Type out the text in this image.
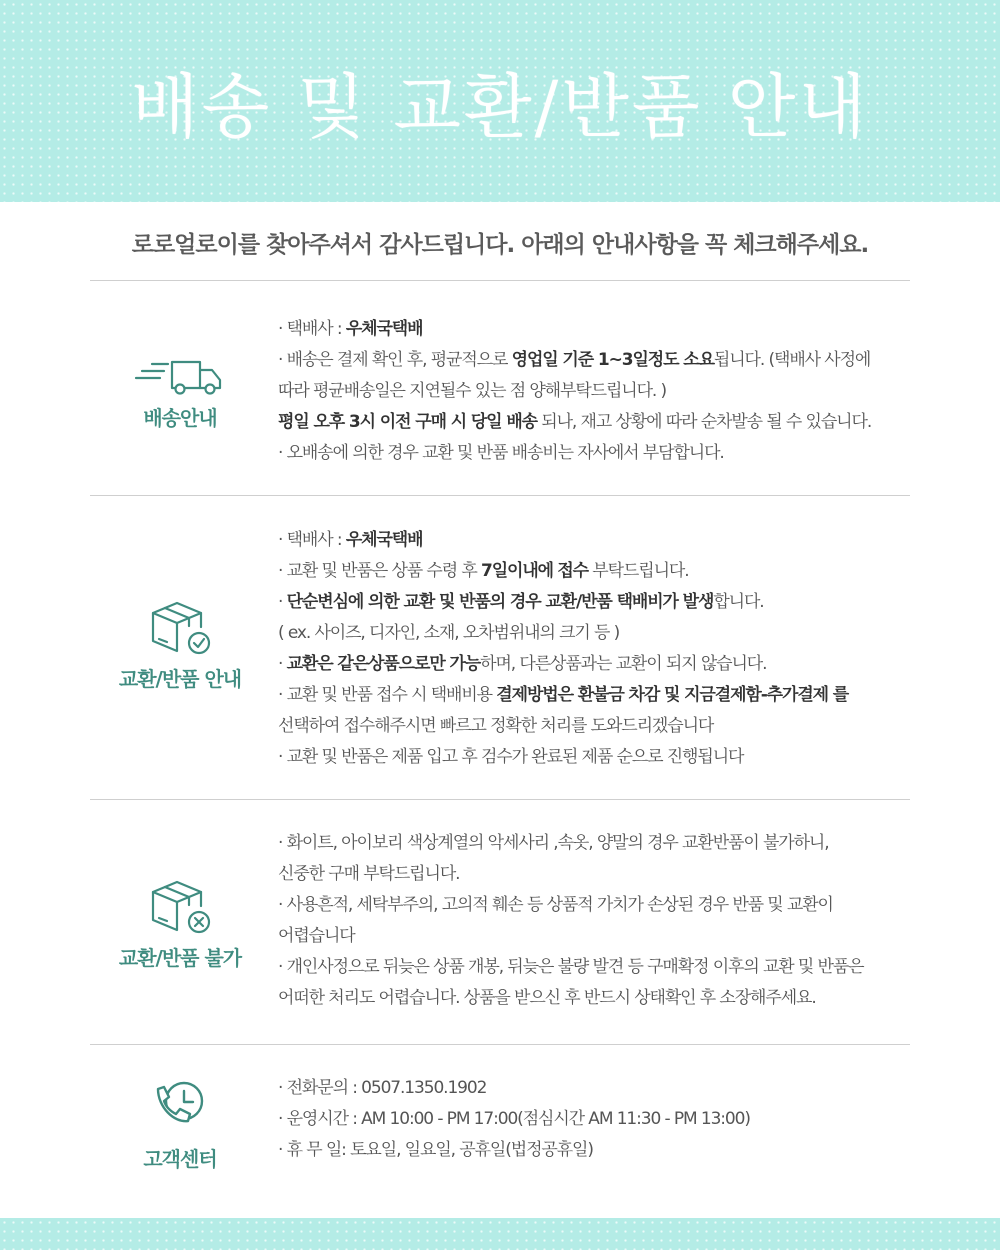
배송 및 교환/반품 안내
로로얼로이를 찾아주셔서 감사드립니다. 아래의 안내사항을 꼭 체크해주세요.
배송안내
· 택배사 : 우체국택배
· 배송은 결제 확인 후, 평균적으로 영업일 기준 1~3일정도 소요됩니다. (택배사 사정에
따라 평균배송일은 지연될수 있는 점 양해부탁드립니다. )
평일 오후 3시 이전 구매 시 당일 배송 되나, 재고 상황에 따라 순차발송 될 수 있습니다.
· 오배송에 의한 경우 교환 및 반품 배송비는 자사에서 부담합니다.
교환/반품 안내
· 택배사 : 우체국택배
· 교환 및 반품은 상품 수령 후 7일이내에 접수 부탁드립니다.
· 단순변심에 의한 교환 및 반품의 경우 교환/반품 택배비가 발생합니다.
( ex. 사이즈, 디자인, 소재, 오차범위내의 크기 등 )
· 교환은 같은상품으로만 가능하며, 다른상품과는 교환이 되지 않습니다.
· 교환 및 반품 접수 시 택배비용 결제방법은 환불금 차감 및 지금결제함-추가결제 를
선택하여 접수해주시면 빠르고 정확한 처리를 도와드리겠습니다
· 교환 및 반품은 제품 입고 후 검수가 완료된 제품 순으로 진행됩니다
교환/반품 불가
· 화이트, 아이보리 색상계열의 악세사리 ,속옷, 양말의 경우 교환반품이 불가하니,
신중한 구매 부탁드립니다.
· 사용흔적, 세탁부주의, 고의적 훼손 등 상품적 가치가 손상된 경우 반품 및 교환이
어렵습니다
· 개인사정으로 뒤늦은 상품 개봉, 뒤늦은 불량 발견 등 구매확정 이후의 교환 및 반품은
어떠한 처리도 어렵습니다. 상품을 받으신 후 반드시 상태확인 후 소장해주세요.
고객센터
· 전화문의 : 0507.1350.1902
· 운영시간 : AM 10:00 - PM 17:00(점심시간 AM 11:30 - PM 13:00)
· 휴 무 일: 토요일, 일요일, 공휴일(법정공휴일)
